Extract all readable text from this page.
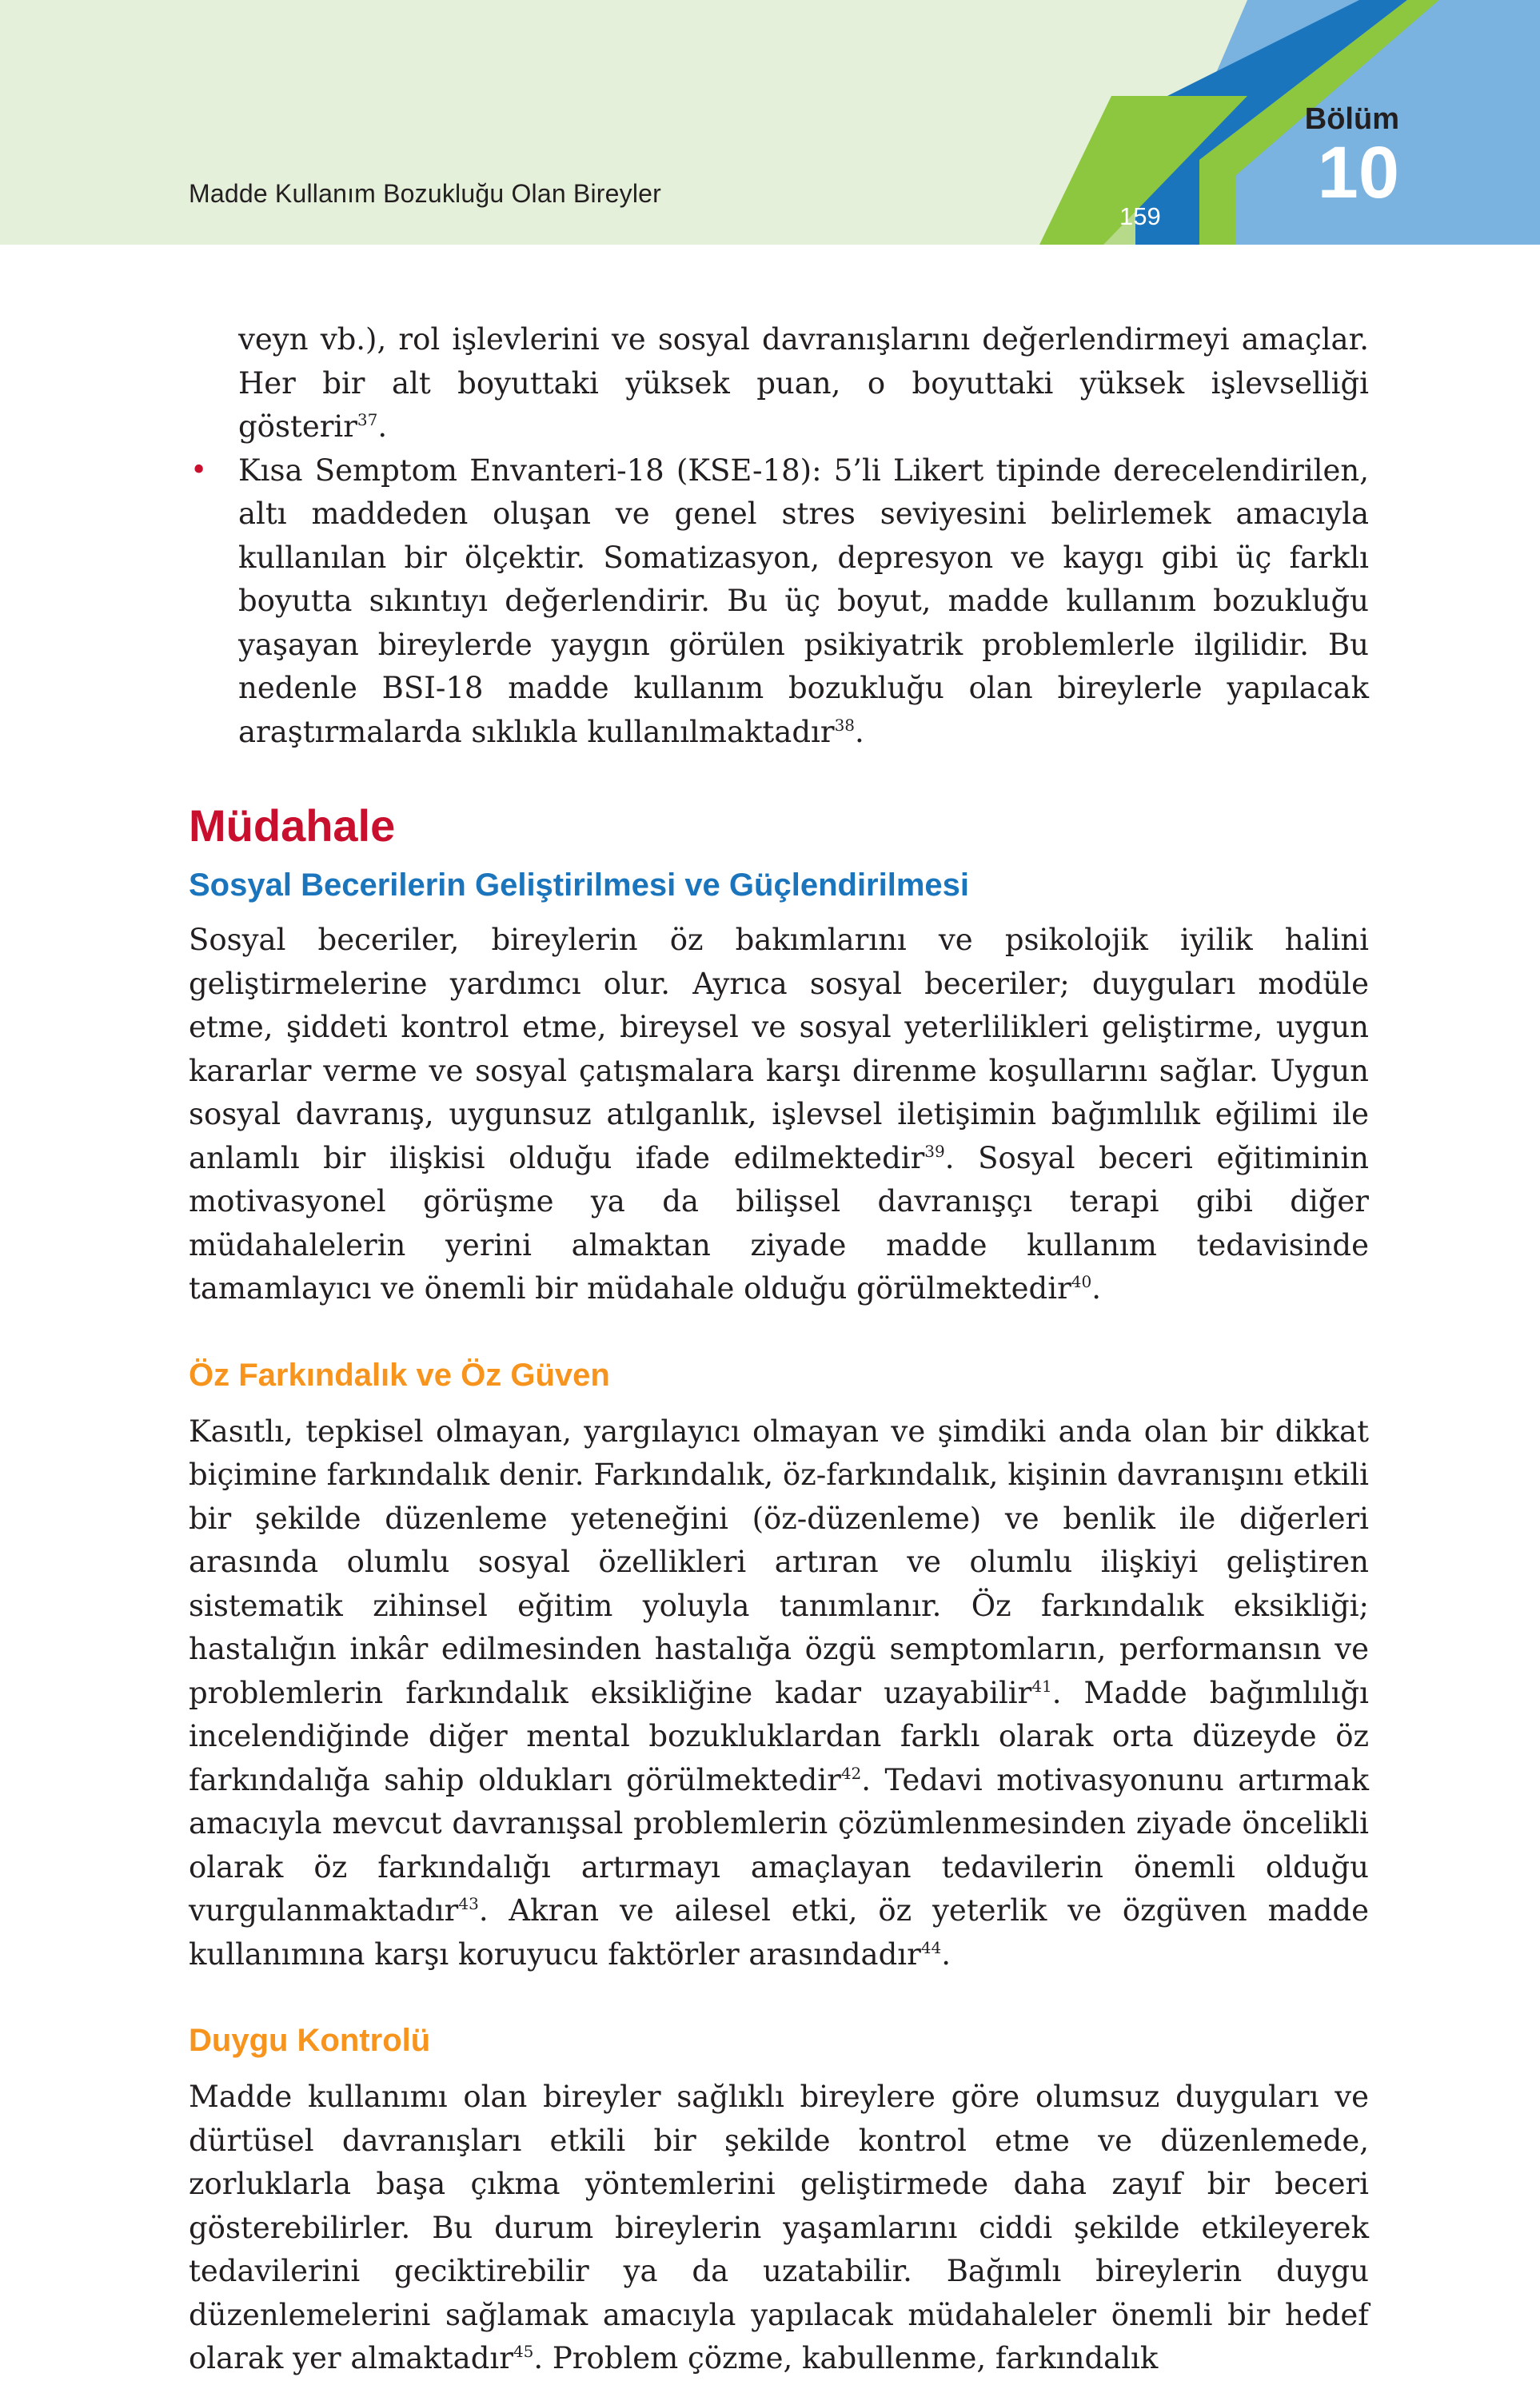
Madde Kullanım Bozukluğu Olan Bireyler
159
Bölüm
10

veyn vb.), rol işlevlerini ve sosyal davranışlarını değerlendirmeyi amaçlar. Her bir alt boyuttaki yüksek puan, o boyuttaki yüksek işlevselliği gösterir$^{37}$.

• Kısa Semptom Envanteri-18 (KSE-18): 5’li Likert tipinde derecelendirilen, altı maddeden oluşan ve genel stres seviyesini belirlemek amacıyla kullanılan bir ölçektir. Somatizasyon, depresyon ve kaygı gibi üç farklı boyutta sıkıntıyı değerlendirir. Bu üç boyut, madde kullanım bozukluğu yaşayan bireylerde yaygın görülen psikiyatrik problemlerle ilgilidir. Bu nedenle BSI-18 madde kullanım bozukluğu olan bireylerle yapılacak araştırmalarda sıklıkla kullanılmaktadır$^{38}$.

Müdahale
Sosyal Becerilerin Geliştirilmesi ve Güçlendirilmesi

Sosyal beceriler, bireylerin öz bakımlarını ve psikolojik iyilik halini geliştirmelerine yardımcı olur. Ayrıca sosyal beceriler; duyguları modüle etme, şiddeti kontrol etme, bireysel ve sosyal yeterlilikleri geliştirme, uygun kararlar verme ve sosyal çatışmalara karşı direnme koşullarını sağlar. Uygun sosyal davranış, uygunsuz atılganlık, işlevsel iletişimin bağımlılık eğilimi ile anlamlı bir ilişkisi olduğu ifade edilmektedir$^{39}$. Sosyal beceri eğitiminin motivasyonel görüşme ya da bilişsel davranışçı terapi gibi diğer müdahalelerin yerini almaktan ziyade madde kullanım tedavisinde tamamlayıcı ve önemli bir müdahale olduğu görülmektedir$^{40}$.

Öz Farkındalık ve Öz Güven

Kasıtlı, tepkisel olmayan, yargılayıcı olmayan ve şimdiki anda olan bir dikkat biçimine farkındalık denir. Farkındalık, öz-farkındalık, kişinin davranışını etkili bir şekilde düzenleme yeteneğini (öz-düzenleme) ve benlik ile diğerleri arasında olumlu sosyal özellikleri artıran ve olumlu ilişkiyi geliştiren sistematik zihinsel eğitim yoluyla tanımlanır. Öz farkındalık eksikliği; hastalığın inkâr edilmesinden hastalığa özgü semptomların, performansın ve problemlerin farkındalık eksikliğine kadar uzayabilir$^{41}$. Madde bağımlılığı incelendiğinde diğer mental bozukluklardan farklı olarak orta düzeyde öz farkındalığa sahip oldukları görülmektedir$^{42}$. Tedavi motivasyonunu artırmak amacıyla mevcut davranışsal problemlerin çözümlenmesinden ziyade öncelikli olarak öz farkındalığı artırmayı amaçlayan tedavilerin önemli olduğu vurgulanmaktadır$^{43}$. Akran ve ailesel etki, öz yeterlik ve özgüven madde kullanımına karşı koruyucu faktörler arasındadır$^{44}$.

Duygu Kontrolü

Madde kullanımı olan bireyler sağlıklı bireylere göre olumsuz duyguları ve dürtüsel davranışları etkili bir şekilde kontrol etme ve düzenlemede, zorluklarla başa çıkma yöntemlerini geliştirmede daha zayıf bir beceri gösterebilirler. Bu durum bireylerin yaşamlarını ciddi şekilde etkileyerek tedavilerini geciktirebilir ya da uzatabilir. Bağımlı bireylerin duygu düzenlemelerini sağlamak amacıyla yapılacak müdahaleler önemli bir hedef olarak yer almaktadır$^{45}$. Problem çözme, kabullenme, farkındalık
